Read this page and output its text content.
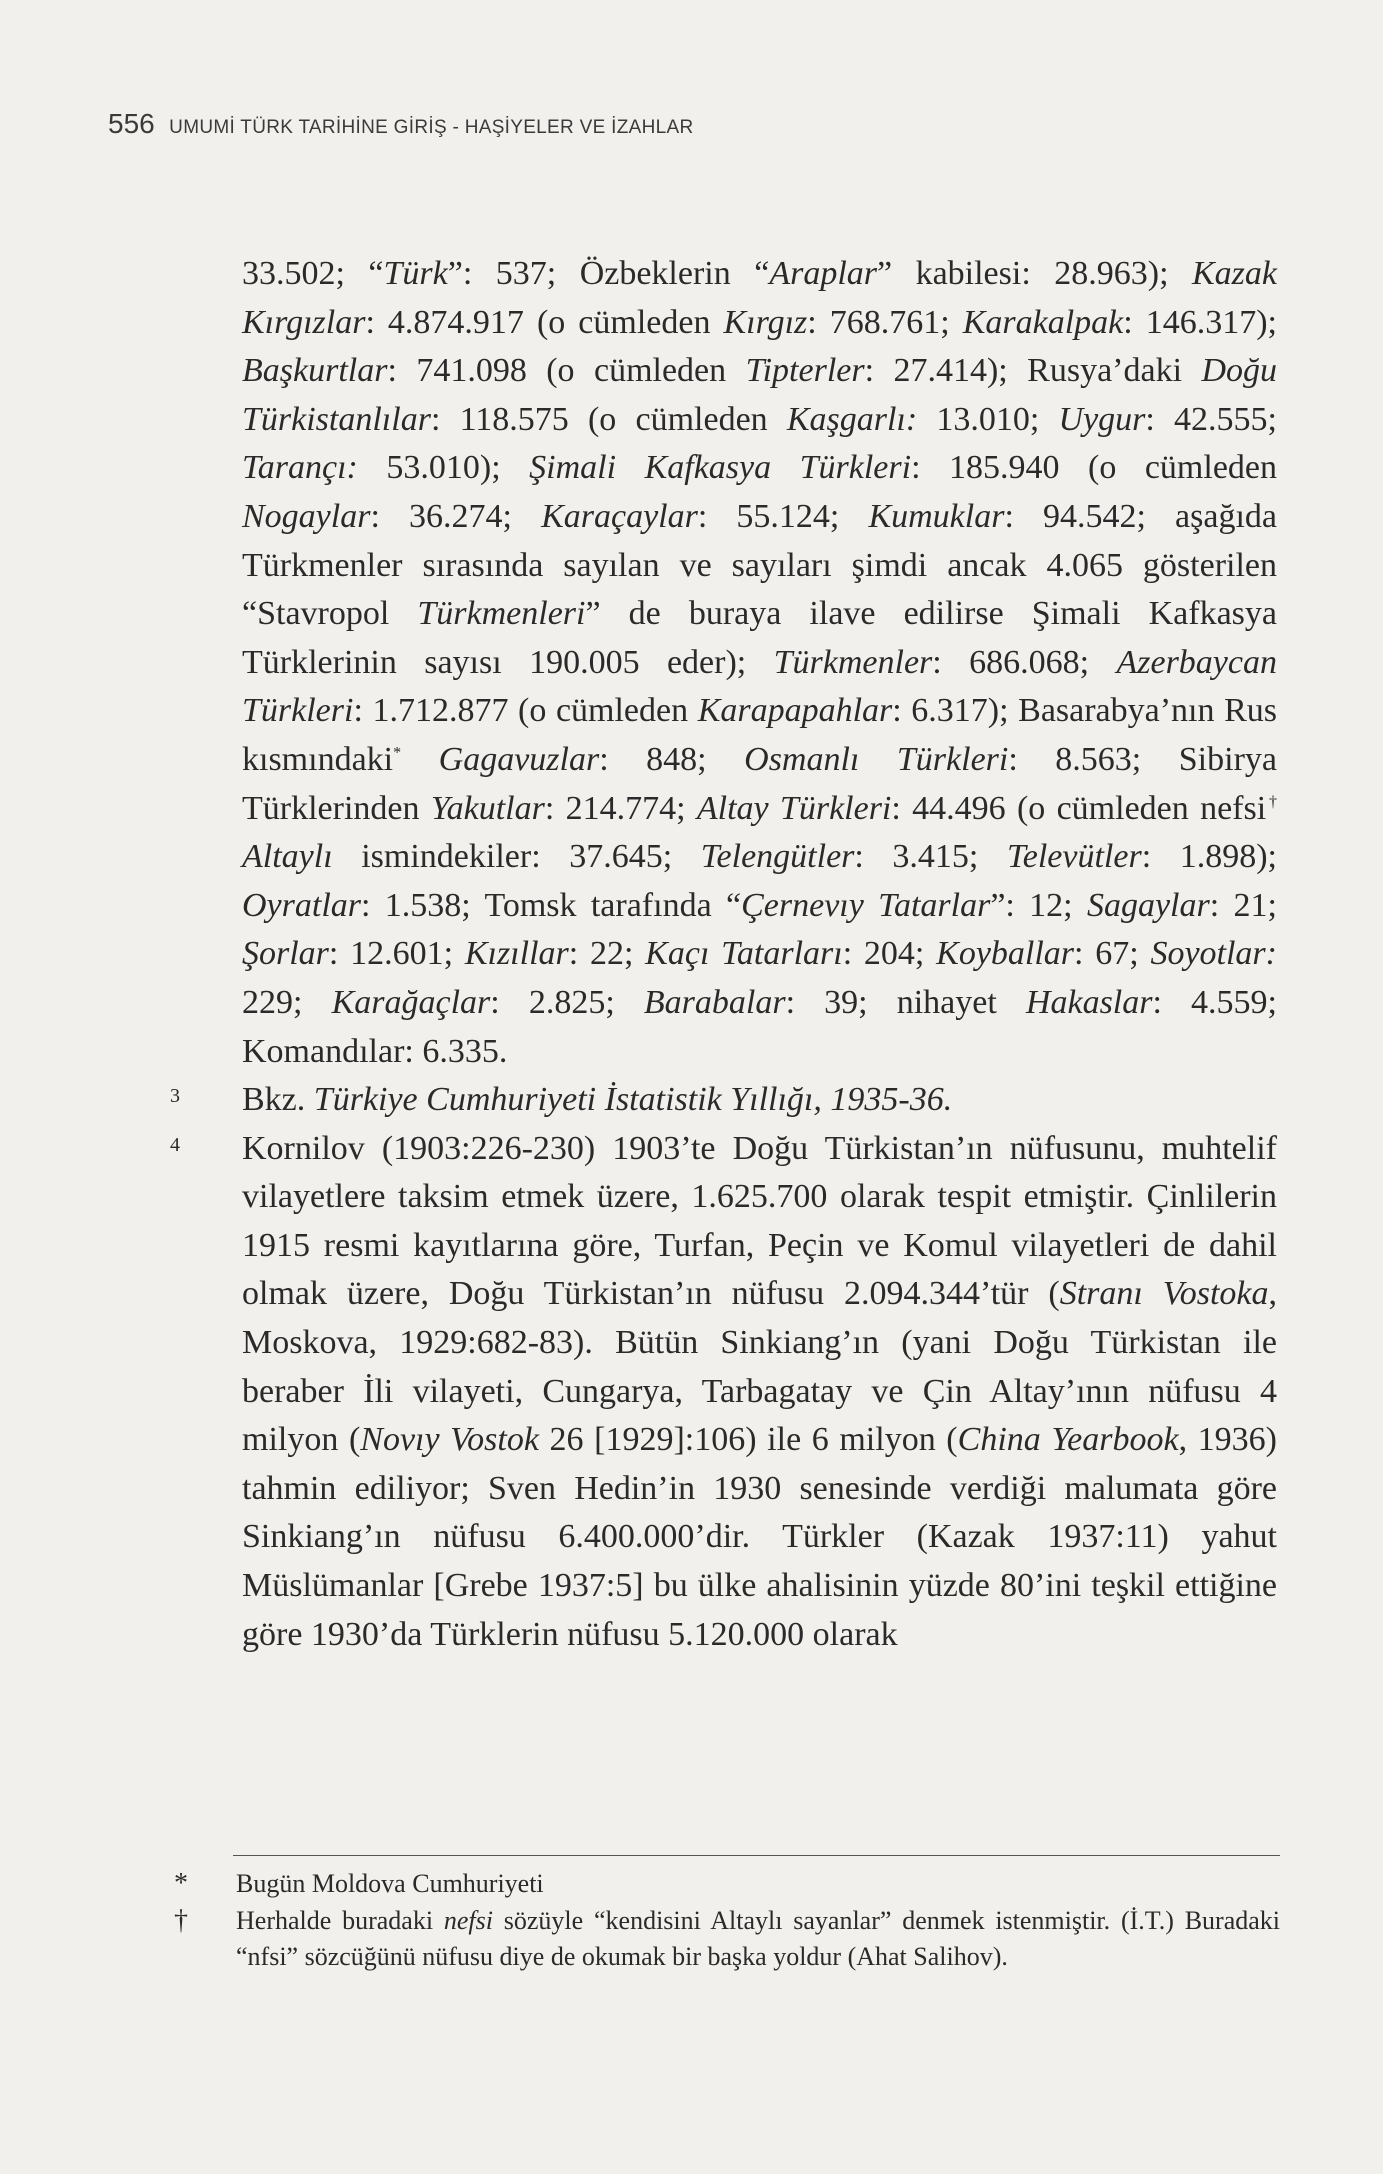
556 UMUMİ TÜRK TARİHİNE GİRİŞ - HAŞİYELER VE İZAHLAR

33.502; “Türk”: 537; Özbeklerin “Araplar” kabilesi: 28.963); Kazak Kırgızlar: 4.874.917 (o cümleden Kırgız: 768.761; Karakalpak: 146.317); Başkurtlar: 741.098 (o cümleden Tipterler: 27.414); Rusya’daki Doğu Türkistanlılar: 118.575 (o cümleden Kaşgarlı: 13.010; Uygur: 42.555; Tarançı: 53.010); Şimali Kafkasya Türkleri: 185.940 (o cümleden Nogaylar: 36.274; Karaçaylar: 55.124; Kumuklar: 94.542; aşağıda Türkmenler sırasında sayılan ve sayıları şimdi ancak 4.065 gösterilen “Stavropol Türkmenleri” de buraya ilave edilirse Şimali Kafkasya Türklerinin sayısı 190.005 eder); Türkmenler: 686.068; Azerbaycan Türkleri: 1.712.877 (o cümleden Karapapahlar: 6.317); Basarabya’nın Rus kısmındaki* Gagavuzlar: 848; Osmanlı Türkleri: 8.563; Sibirya Türklerinden Yakutlar: 214.774; Altay Türkleri: 44.496 (o cümleden nefsi† Altaylı ismindekiler: 37.645; Telengütler: 3.415; Televütler: 1.898); Oyratlar: 1.538; Tomsk tarafında “Çernevıy Tatarlar”: 12; Sagaylar: 21; Şorlar: 12.601; Kızıllar: 22; Kaçı Tatarları: 204; Koyballar: 67; Soyotlar: 229; Karağaçlar: 2.825; Barabalar: 39; nihayet Hakaslar: 4.559; Komandılar: 6.335.

3 Bkz. Türkiye Cumhuriyeti İstatistik Yıllığı, 1935-36.

4 Kornilov (1903:226-230) 1903’te Doğu Türkistan’ın nüfusunu, muhtelif vilayetlere taksim etmek üzere, 1.625.700 olarak tespit etmiştir. Çinlilerin 1915 resmi kayıtlarına göre, Turfan, Peçin ve Komul vilayetleri de dahil olmak üzere, Doğu Türkistan’ın nüfusu 2.094.344’tür (Stranı Vostoka, Moskova, 1929:682-83). Bütün Sinkiang’ın (yani Doğu Türkistan ile beraber İli vilayeti, Cungarya, Tarbagatay ve Çin Altay’ının nüfusu 4 milyon (Novıy Vostok 26 [1929]:106) ile 6 milyon (China Yearbook, 1936) tahmin ediliyor; Sven Hedin’in 1930 senesinde verdiği malumata göre Sinkiang’ın nüfusu 6.400.000’dir. Türkler (Kazak 1937:11) yahut Müslümanlar [Grebe 1937:5] bu ülke ahalisinin yüzde 80’ini teşkil ettiğine göre 1930’da Türklerin nüfusu 5.120.000 olarak

* Bugün Moldova Cumhuriyeti

† Herhalde buradaki nefsi sözüyle “kendisini Altaylı sayanlar” denmek istenmiştir. (İ.T.) Buradaki “nfsi” sözcüğünü nüfusu diye de okumak bir başka yoldur (Ahat Salihov).
